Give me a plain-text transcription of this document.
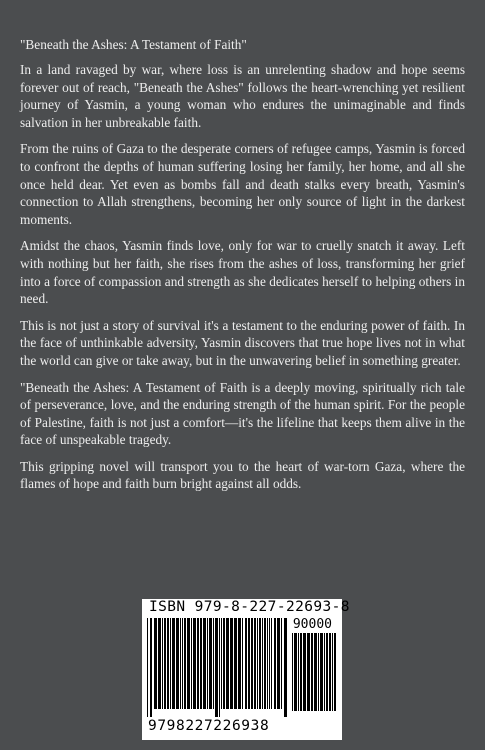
"Beneath the Ashes: A Testament of Faith"

In a land ravaged by war, where loss is an unrelenting shadow and hope seems forever out of reach, "Beneath the Ashes" follows the heart-wrenching yet resilient journey of Yasmin, a young woman who endures the unimaginable and finds salvation in her unbreakable faith.

From the ruins of Gaza to the desperate corners of refugee camps, Yasmin is forced to confront the depths of human suffering losing her family, her home, and all she once held dear. Yet even as bombs fall and death stalks every breath, Yasmin's connection to Allah strengthens, becoming her only source of light in the darkest moments.

Amidst the chaos, Yasmin finds love, only for war to cruelly snatch it away. Left with nothing but her faith, she rises from the ashes of loss, transforming her grief into a force of compassion and strength as she dedicates herself to helping others in need.

This is not just a story of survival it's a testament to the enduring power of faith. In the face of unthinkable adversity, Yasmin discovers that true hope lives not in what the world can give or take away, but in the unwavering belief in something greater.

"Beneath the Ashes: A Testament of Faith is a deeply moving, spiritually rich tale of perseverance, love, and the enduring strength of the human spirit. For the people of Palestine, faith is not just a comfort—it's the lifeline that keeps them alive in the face of unspeakable tragedy.

This gripping novel will transport you to the heart of war-torn Gaza, where the flames of hope and faith burn bright against all odds.

ISBN 979-8-227-22693-8
90000
9798227226938
